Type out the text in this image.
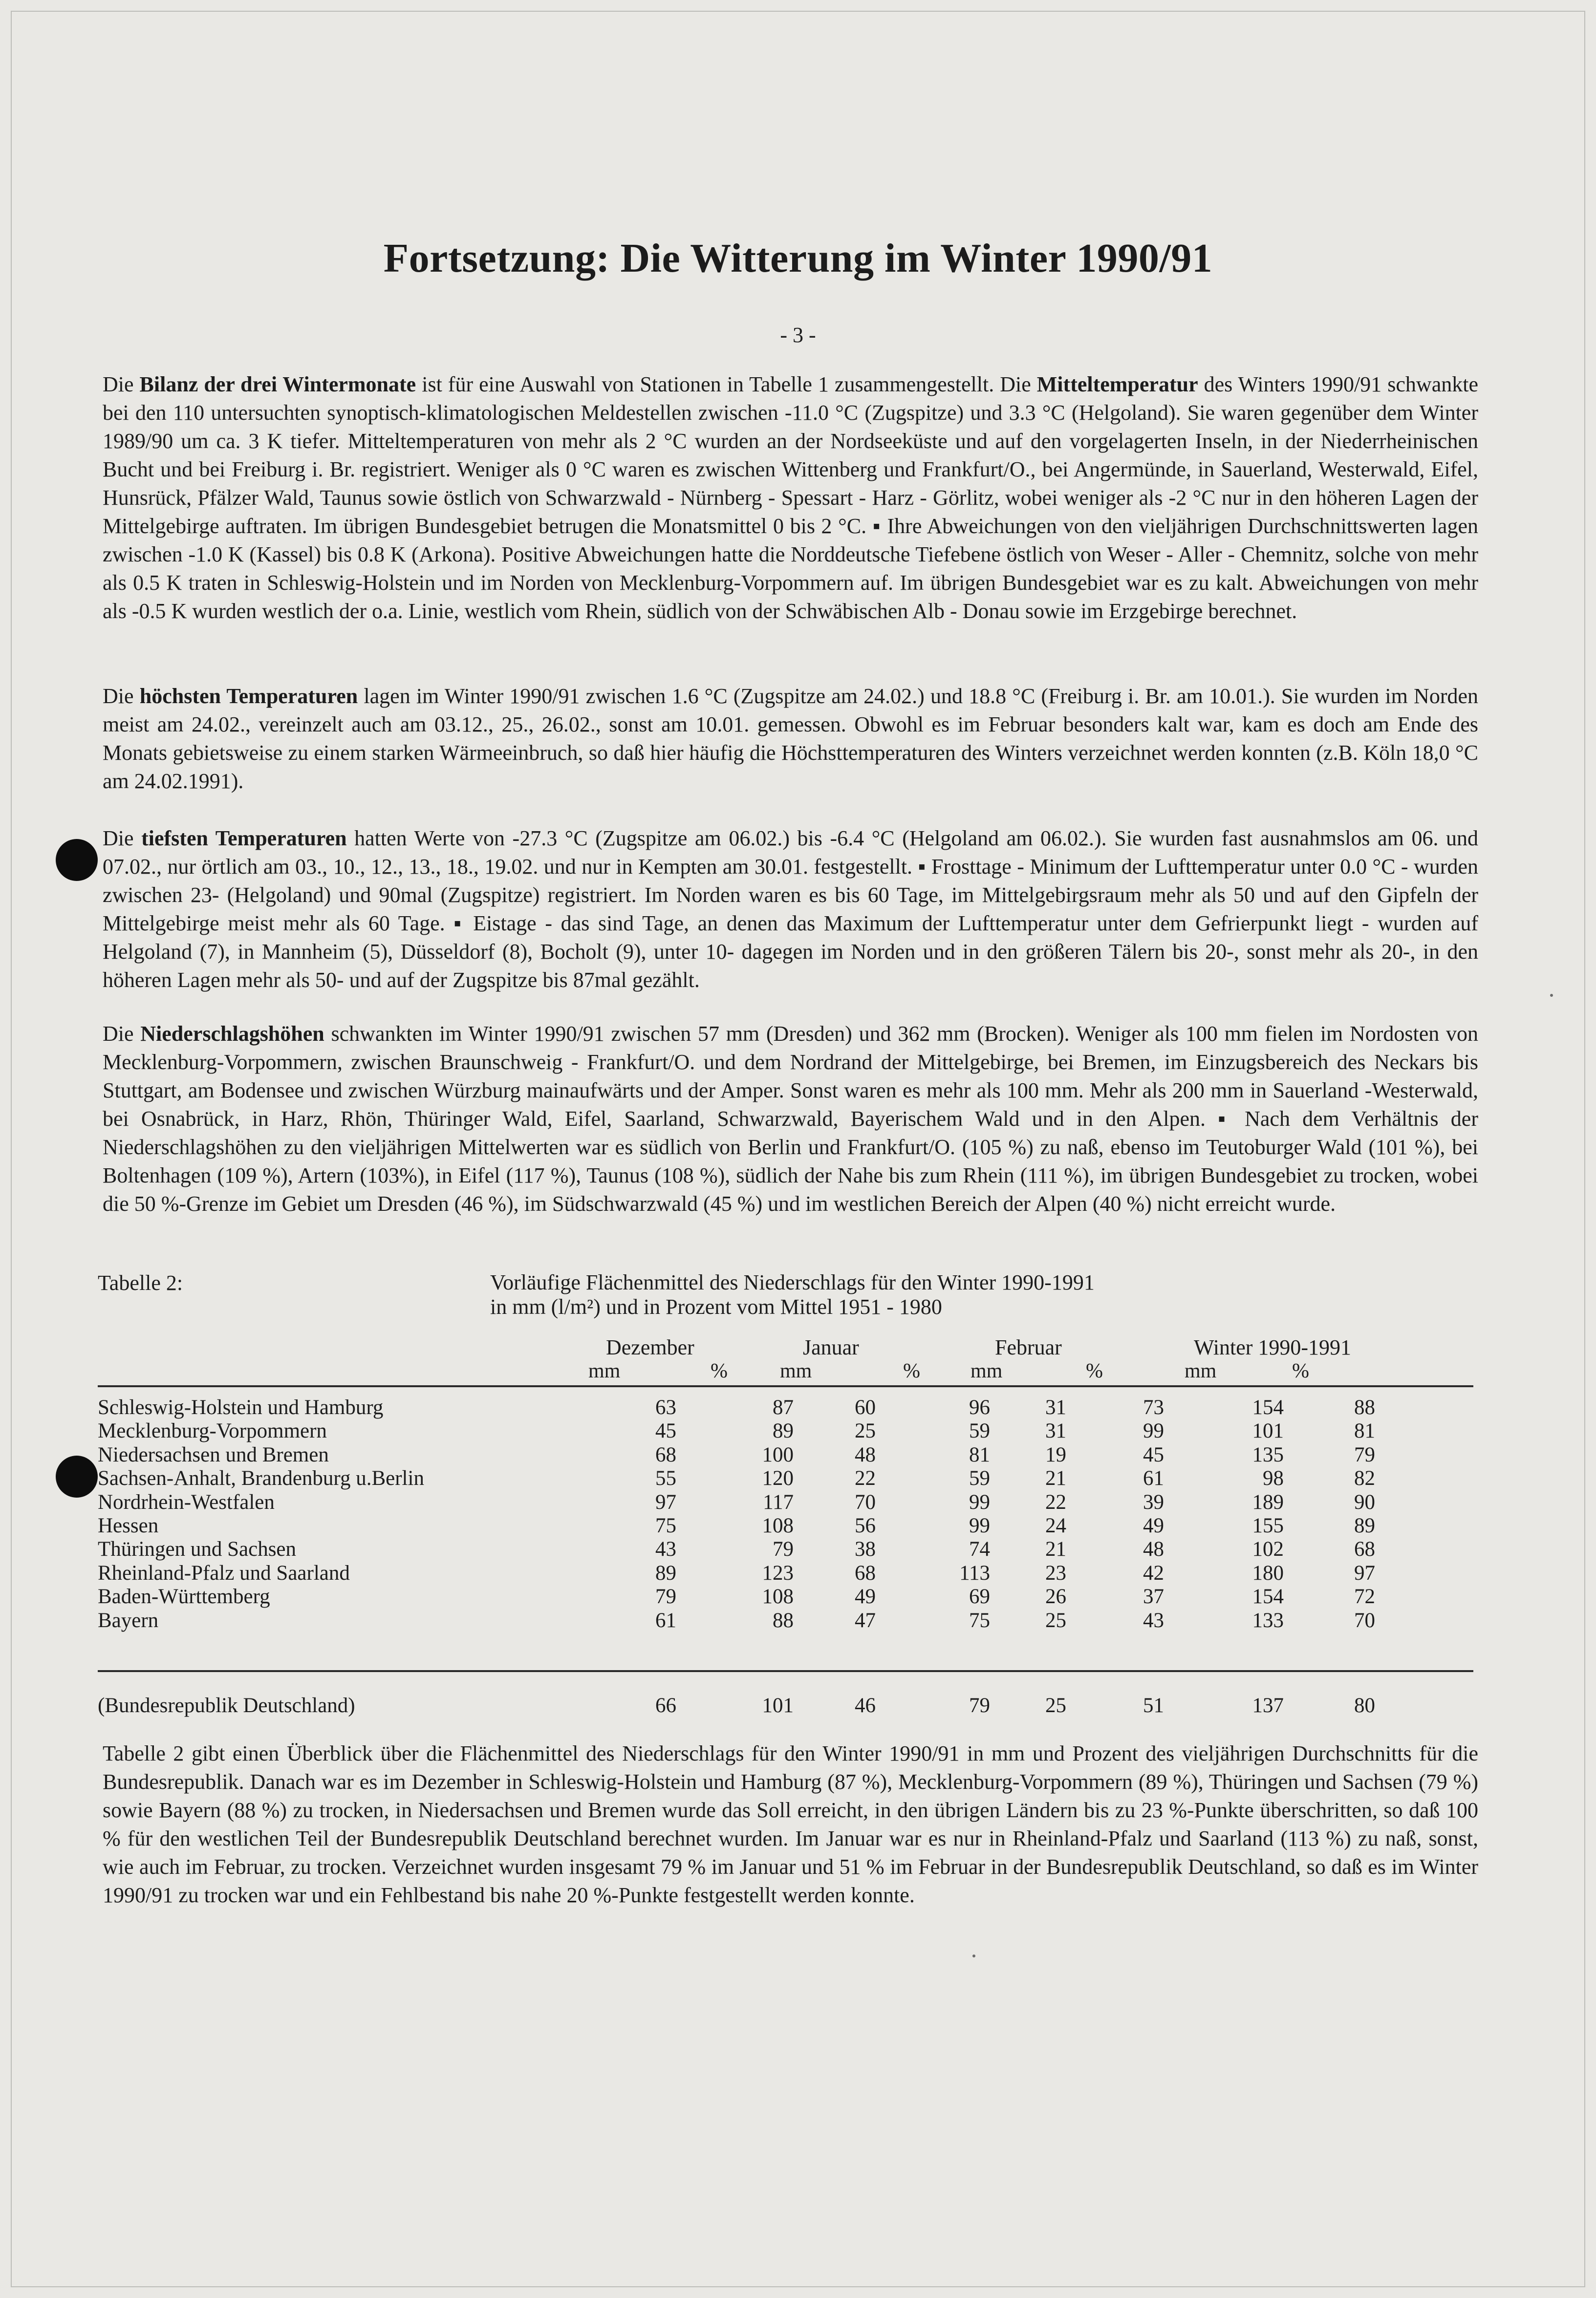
Fortsetzung: Die Witterung im Winter 1990/91
- 3 -

Die Bilanz der drei Wintermonate ist für eine Auswahl von Stationen in Tabelle 1 zusammengestellt. Die Mitteltemperatur des Winters 1990/91 schwankte bei den 110 untersuchten synoptisch-klimatologischen Meldestellen zwischen -11.0 °C (Zugspitze) und 3.3 °C (Helgoland). Sie waren gegenüber dem Winter 1989/90 um ca. 3 K tiefer. Mitteltemperaturen von mehr als 2 °C wurden an der Nordseeküste und auf den vorgelagerten Inseln, in der Niederrheinischen Bucht und bei Freiburg i. Br. registriert. Weniger als 0 °C waren es zwischen Wittenberg und Frankfurt/O., bei Angermünde, in Sauerland, Westerwald, Eifel, Hunsrück, Pfälzer Wald, Taunus sowie östlich von Schwarzwald - Nürnberg - Spessart - Harz - Görlitz, wobei weniger als -2 °C nur in den höheren Lagen der Mittelgebirge auftraten. Im übrigen Bundesgebiet betrugen die Monatsmittel 0 bis 2 °C. ▪ Ihre Abweichungen von den vieljährigen Durchschnittswerten lagen zwischen -1.0 K (Kassel) bis 0.8 K (Arkona). Positive Abweichungen hatte die Norddeutsche Tiefebene östlich von Weser - Aller - Chemnitz, solche von mehr als 0.5 K traten in Schleswig-Holstein und im Norden von Mecklenburg-Vorpommern auf. Im übrigen Bundesgebiet war es zu kalt. Abweichungen von mehr als -0.5 K wurden westlich der o.a. Linie, westlich vom Rhein, südlich von der Schwäbischen Alb - Donau sowie im Erzgebirge berechnet.

Die höchsten Temperaturen lagen im Winter 1990/91 zwischen 1.6 °C (Zugspitze am 24.02.) und 18.8 °C (Freiburg i. Br. am 10.01.). Sie wurden im Norden meist am 24.02., vereinzelt auch am 03.12., 25., 26.02., sonst am 10.01. gemessen. Obwohl es im Februar besonders kalt war, kam es doch am Ende des Monats gebietsweise zu einem starken Wärmeeinbruch, so daß hier häufig die Höchsttemperaturen des Winters verzeichnet werden konnten (z.B. Köln 18,0 °C am 24.02.1991).

Die tiefsten Temperaturen hatten Werte von -27.3 °C (Zugspitze am 06.02.) bis -6.4 °C (Helgoland am 06.02.). Sie wurden fast ausnahmslos am 06. und 07.02., nur örtlich am 03., 10., 12., 13., 18., 19.02. und nur in Kempten am 30.01. festgestellt. ▪ Frosttage - Minimum der Lufttemperatur unter 0.0 °C - wurden zwischen 23- (Helgoland) und 90mal (Zugspitze) registriert. Im Norden waren es bis 60 Tage, im Mittelgebirgsraum mehr als 50 und auf den Gipfeln der Mittelgebirge meist mehr als 60 Tage. ▪ Eistage - das sind Tage, an denen das Maximum der Lufttemperatur unter dem Gefrierpunkt liegt - wurden auf Helgoland (7), in Mannheim (5), Düsseldorf (8), Bocholt (9), unter 10- dagegen im Norden und in den größeren Tälern bis 20-, sonst mehr als 20-, in den höheren Lagen mehr als 50- und auf der Zugspitze bis 87mal gezählt.

Die Niederschlagshöhen schwankten im Winter 1990/91 zwischen 57 mm (Dresden) und 362 mm (Brocken). Weniger als 100 mm fielen im Nordosten von Mecklenburg-Vorpommern, zwischen Braunschweig - Frankfurt/O. und dem Nordrand der Mittelgebirge, bei Bremen, im Einzugsbereich des Neckars bis Stuttgart, am Bodensee und zwischen Würzburg mainaufwärts und der Amper. Sonst waren es mehr als 100 mm. Mehr als 200 mm in Sauerland -Westerwald, bei Osnabrück, in Harz, Rhön, Thüringer Wald, Eifel, Saarland, Schwarzwald, Bayerischem Wald und in den Alpen. ▪ Nach dem Verhältnis der Niederschlagshöhen zu den vieljährigen Mittelwerten war es südlich von Berlin und Frankfurt/O. (105 %) zu naß, ebenso im Teutoburger Wald (101 %), bei Boltenhagen (109 %), Artern (103%), in Eifel (117 %), Taunus (108 %), südlich der Nahe bis zum Rhein (111 %), im übrigen Bundesgebiet zu trocken, wobei die 50 %-Grenze im Gebiet um Dresden (46 %), im Südschwarzwald (45 %) und im westlichen Bereich der Alpen (40 %) nicht erreicht wurde.

Tabelle 2:	Vorläufige Flächenmittel des Niederschlags für den Winter 1990-1991
in mm (l/m²) und in Prozent vom Mittel 1951 - 1980
Dezember	Januar	Februar	Winter 1990-1991
mm	%	mm	% mm	%	mm	%
Schleswig-Holstein und Hamburg	63	87	60	96	31	73	154	88
Mecklenburg-Vorpommern	45	89	25	59	31	99	101	81
Niedersachsen und Bremen	68	100	48	81	19	45	135	79
Sachsen-Anhalt, Brandenburg u.Berlin	55	120	22	59	21	61	98	82
Nordrhein-Westfalen	97	117	70	99	22	39	189	90
Hessen	75	108	56	99	24	49	155	89
Thüringen und Sachsen	43	79	38	74	21	48	102	68
Rheinland-Pfalz und Saarland	89	123	68	113	23	42	180	97
Baden-Württemberg	79	108	49	69	26	37	154	72
Bayern	61	88	47	75	25	43	133	70
(Bundesrepublik Deutschland)	66	101	46	79	25	51	137	80

Tabelle 2 gibt einen Überblick über die Flächenmittel des Niederschlags für den Winter 1990/91 in mm und Prozent des vieljährigen Durchschnitts für die Bundesrepublik. Danach war es im Dezember in Schleswig-Holstein und Hamburg (87 %), Mecklenburg-Vorpommern (89 %), Thüringen und Sachsen (79 %) sowie Bayern (88 %) zu trocken, in Niedersachsen und Bremen wurde das Soll erreicht, in den übrigen Ländern bis zu 23 %-Punkte überschritten, so daß 100 % für den westlichen Teil der Bundesrepublik Deutschland berechnet wurden. Im Januar war es nur in Rheinland-Pfalz und Saarland (113 %) zu naß, sonst, wie auch im Februar, zu trocken. Verzeichnet wurden insgesamt 79 % im Januar und 51 % im Februar in der Bundesrepublik Deutschland, so daß es im Winter 1990/91 zu trocken war und ein Fehlbestand bis nahe 20 %-Punkte festgestellt werden konnte.
